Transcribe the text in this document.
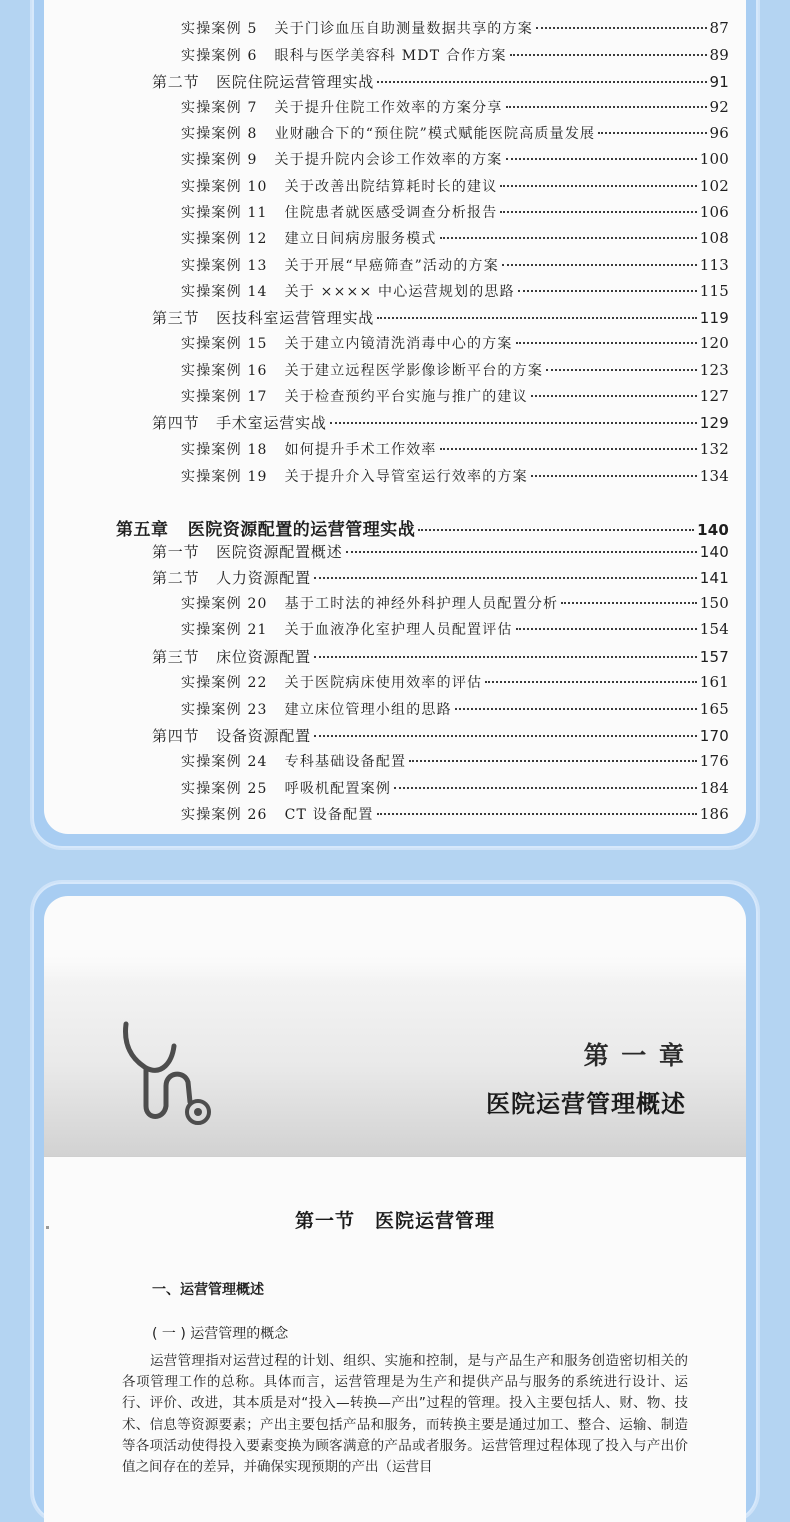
实操案例 5   关于门诊血压自助测量数据共享的方案	87
实操案例 6   眼科与医学美容科 MDT 合作方案	89
第二节   医院住院运营管理实战	91
实操案例 7   关于提升住院工作效率的方案分享	92
实操案例 8   业财融合下的“预住院”模式赋能医院高质量发展	96
实操案例 9   关于提升院内会诊工作效率的方案	100
实操案例 10   关于改善出院结算耗时长的建议	102
实操案例 11   住院患者就医感受调查分析报告	106
实操案例 12   建立日间病房服务模式	108
实操案例 13   关于开展“早癌筛查”活动的方案	113
实操案例 14   关于 ×××× 中心运营规划的思路	115
第三节   医技科室运营管理实战	119
实操案例 15   关于建立内镜清洗消毒中心的方案	120
实操案例 16   关于建立远程医学影像诊断平台的方案	123
实操案例 17   关于检查预约平台实施与推广的建议	127
第四节   手术室运营实战	129
实操案例 18   如何提升手术工作效率	132
实操案例 19   关于提升介入导管室运行效率的方案	134
第五章   医院资源配置的运营管理实战	140
第一节   医院资源配置概述	140
第二节   人力资源配置	141
实操案例 20   基于工时法的神经外科护理人员配置分析	150
实操案例 21   关于血液净化室护理人员配置评估	154
第三节   床位资源配置	157
实操案例 22   关于医院病床使用效率的评估	161
实操案例 23   建立床位管理小组的思路	165
第四节   设备资源配置	170
实操案例 24   专科基础设备配置	176
实操案例 25   呼吸机配置案例	184
实操案例 26   CT 设备配置	186
第 一 章
医院运营管理概述
第一节　医院运营管理
一、运营管理概述
( 一 ) 运营管理的概念
运营管理指对运营过程的计划、组织、实施和控制，是与产品生产和服务创造密切相关的各项管理工作的总称。具体而言，运营管理是为生产和提供产品与服务的系统进行设计、运行、评价、改进，其本质是对“投入—转换—产出”过程的管理。投入主要包括人、财、物、技术、信息等资源要素；产出主要包括产品和服务，而转换主要是通过加工、整合、运输、制造等各项活动使得投入要素变换为顾客满意的产品或者服务。运营管理过程体现了投入与产出价值之间存在的差异，并确保实现预期的产出（运营目
